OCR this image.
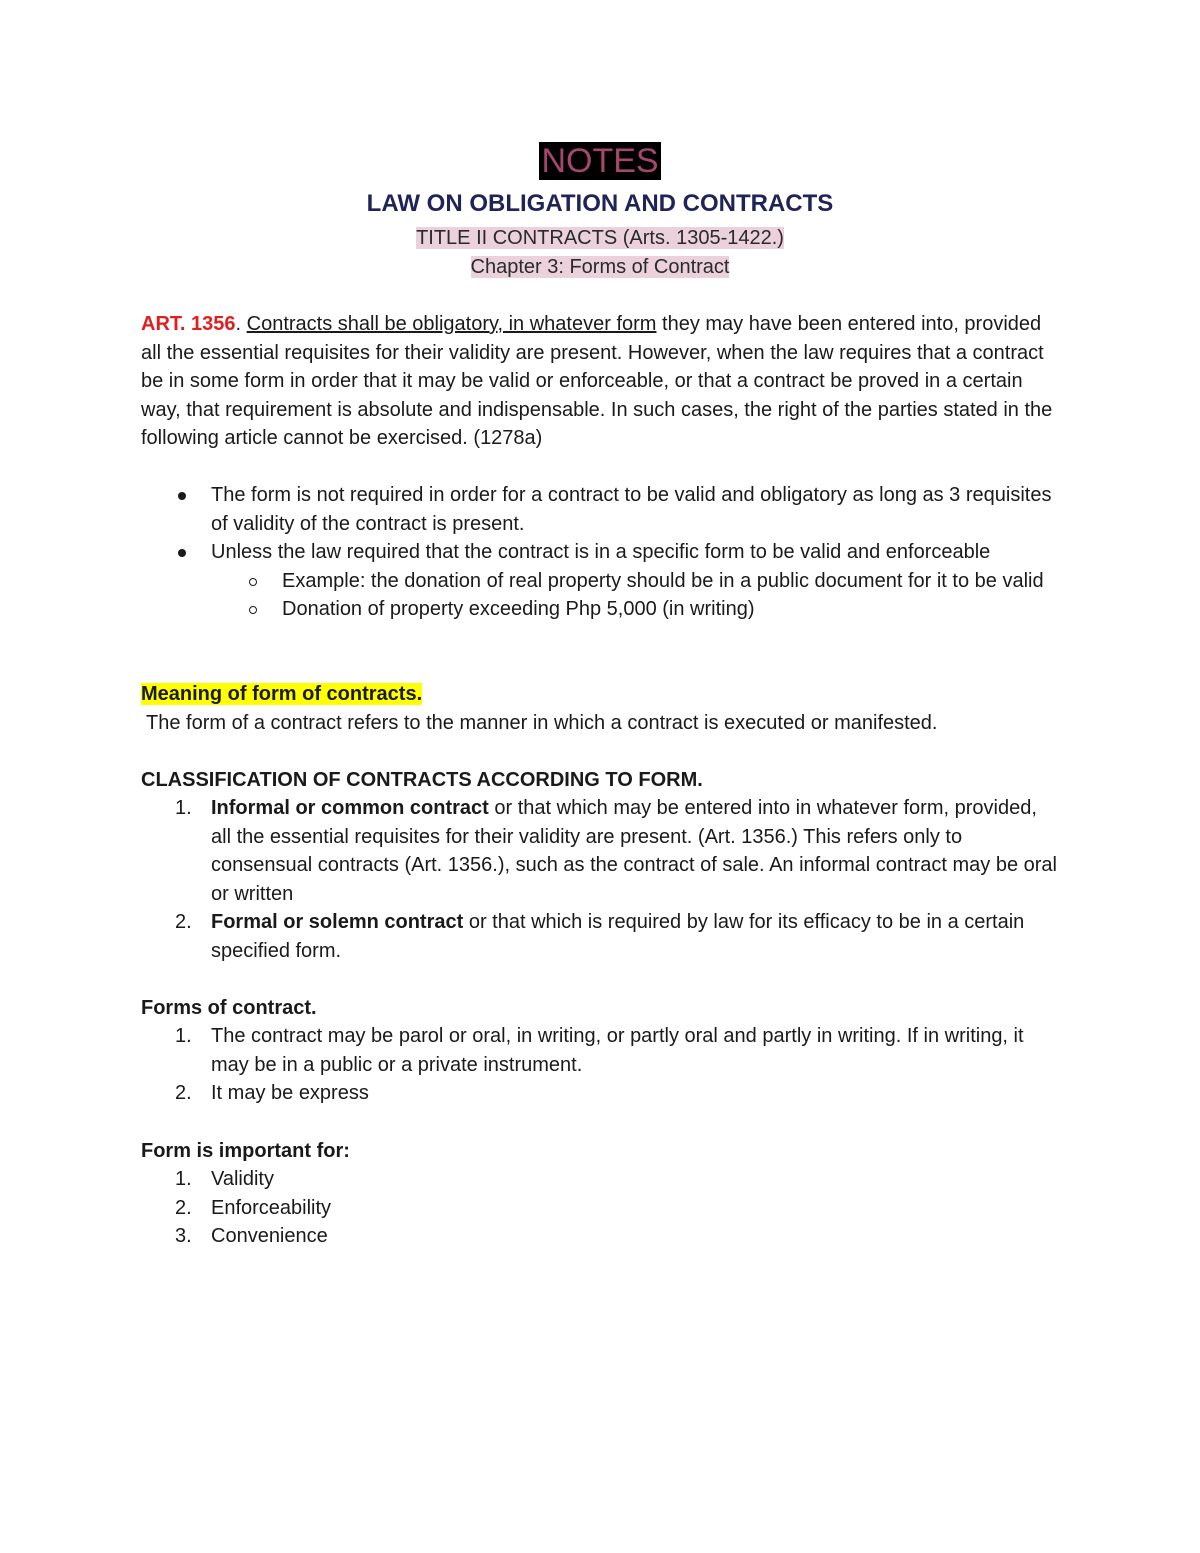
NOTES
LAW ON OBLIGATION AND CONTRACTS
TITLE II CONTRACTS (Arts. 1305-1422.)
Chapter 3: Forms of Contract
ART. 1356. Contracts shall be obligatory, in whatever form they may have been entered into, provided all the essential requisites for their validity are present. However, when the law requires that a contract be in some form in order that it may be valid or enforceable, or that a contract be proved in a certain way, that requirement is absolute and indispensable. In such cases, the right of the parties stated in the following article cannot be exercised. (1278a)
The form is not required in order for a contract to be valid and obligatory as long as 3 requisites of validity of the contract is present.
Unless the law required that the contract is in a specific form to be valid and enforceable
Example: the donation of real property should be in a public document for it to be valid
Donation of property exceeding Php 5,000 (in writing)
Meaning of form of contracts.
The form of a contract refers to the manner in which a contract is executed or manifested.
CLASSIFICATION OF CONTRACTS ACCORDING TO FORM.
1. Informal or common contract or that which may be entered into in whatever form, provided, all the essential requisites for their validity are present. (Art. 1356.) This refers only to consensual contracts (Art. 1356.), such as the contract of sale. An informal contract may be oral or written
2. Formal or solemn contract or that which is required by law for its efficacy to be in a certain specified form.
Forms of contract.
1. The contract may be parol or oral, in writing, or partly oral and partly in writing. If in writing, it may be in a public or a private instrument.
2. It may be express
Form is important for:
1. Validity
2. Enforceability
3. Convenience
